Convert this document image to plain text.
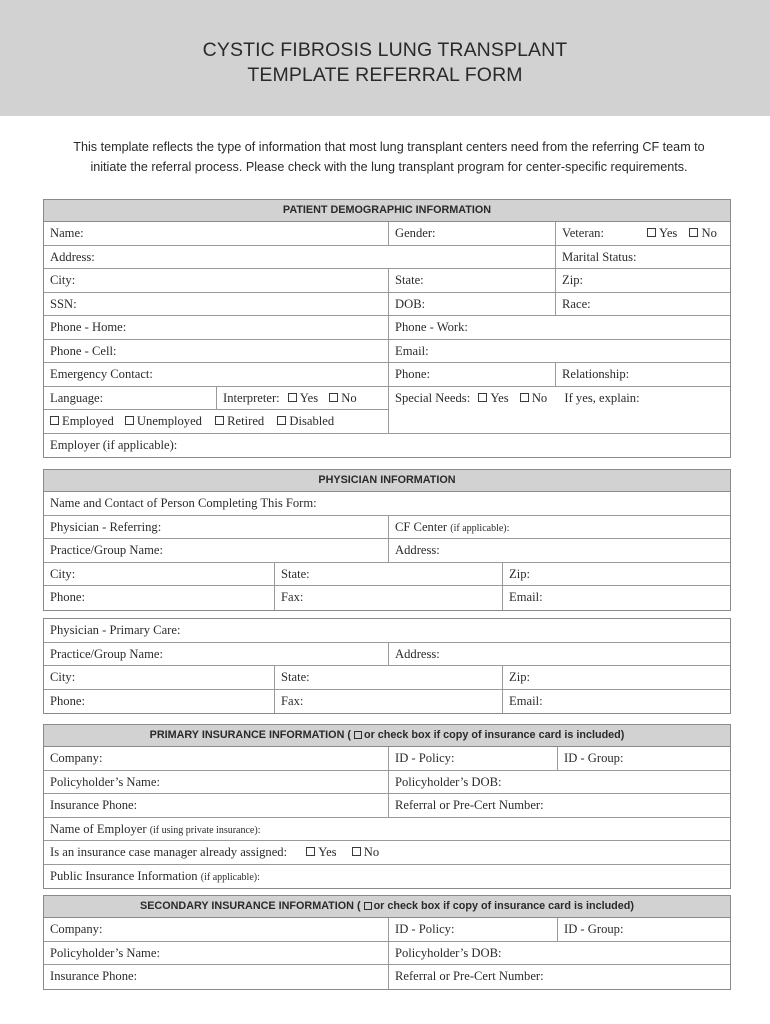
CYSTIC FIBROSIS LUNG TRANSPLANT
TEMPLATE REFERRAL FORM
This template reflects the type of information that most lung transplant centers need from the referring CF team to
initiate the referral process. Please check with the lung transplant program for center-specific requirements.
PATIENT DEMOGRAPHIC INFORMATION
Name:	Gender:	Veteran:	Yes No
Address:	Marital Status:
City:	State:	Zip:
SSN:	DOB:	Race:
Phone - Home:	Phone - Work:
Phone - Cell:	Email:
Emergency Contact:	Phone:	Relationship:
Language:	Interpreter: Yes No
Employed Unemployed Retired Disabled
Special Needs: Yes No If yes, explain:
Employer (if applicable):
PHYSICIAN INFORMATION
Name and Contact of Person Completing This Form:
Physician - Referring:	CF Center (if applicable):
Practice/Group Name:	Address:
City:	State:	Zip:
Phone:	Fax:	Email:
Physician - Primary Care:
Practice/Group Name:	Address:
City:	State:	Zip:
Phone:	Fax:	Email:
PRIMARY INSURANCE INFORMATION ( or check box if copy of insurance card is included)
Company:	ID - Policy:	ID - Group:
Policyholder’s Name:	Policyholder’s DOB:
Insurance Phone:	Referral or Pre-Cert Number:
Name of Employer (if using private insurance):
Is an insurance case manager already assigned: Yes No
Public Insurance Information (if applicable):
SECONDARY INSURANCE INFORMATION ( or check box if copy of insurance card is included)
Company:	ID - Policy:	ID - Group:
Policyholder’s Name:	Policyholder’s DOB:
Insurance Phone:	Referral or Pre-Cert Number:
